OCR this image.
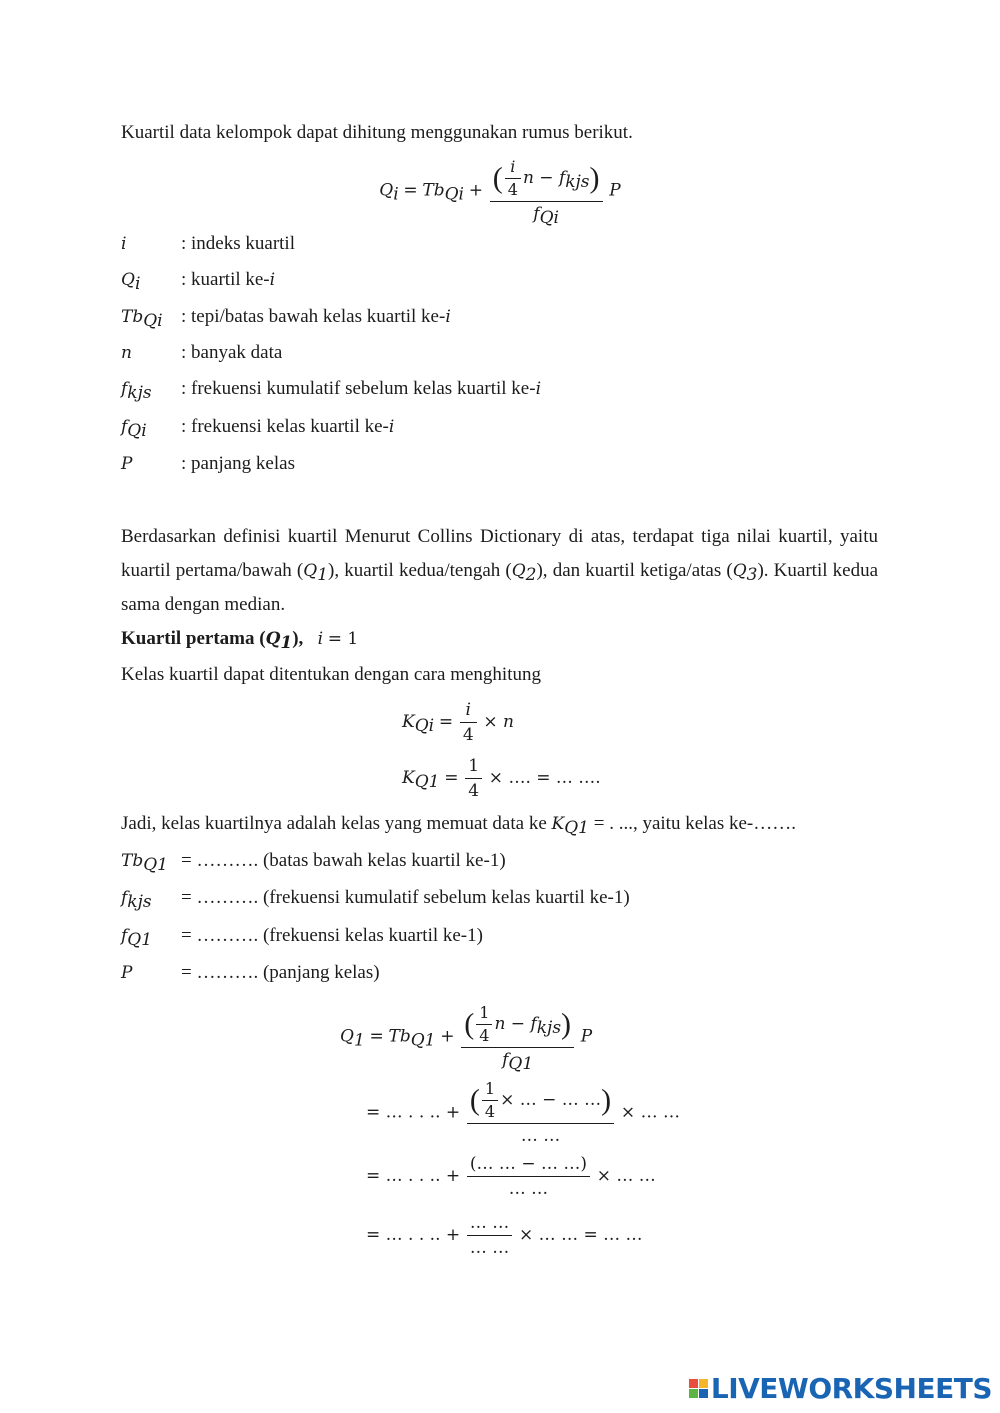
Kuartil data kelompok dapat dihitung menggunakan rumus berikut.
$Q_i = Tb_{Qi} + \frac{( \frac{i}{4} n - f_{kjs})}{f_{Qi}}$ P
i	: indeks kuartil
$Q_i$	: kuartil ke-i
$Tb_{Qi}$ : tepi/batas bawah kelas kuartil ke-i
n	: banyak data
$f_{kjs}$	: frekuensi kumulatif sebelum kelas kuartil ke-i
$f_{Qi}$	: frekuensi kelas kuartil ke-i
P	: panjang kelas
Berdasarkan definisi kuartil Menurut Collins Dictionary di atas, terdapat tiga nilai kuartil, yaitu kuartil pertama/bawah $(Q_1)$, kuartil kedua/tengah $(Q_2)$, dan kuartil ketiga/atas $(Q_3)$. Kuartil kedua sama dengan median.
Kuartil pertama $(Q_1)$, i = 1
Kelas kuartil dapat ditentukan dengan cara menghitung
$K_{Qi} = \frac{i}{4} \times n$
$K_{Q1} = \frac{1}{4}$ × …. = … ….
Jadi, kelas kuartilnya adalah kelas yang memuat data ke $K_{Q1}$ = . ..., yaitu kelas ke-…….
$Tb_{Q1}$ = ………. (batas bawah kelas kuartil ke-1)
$f_{kjs}$	= ………. (frekuensi kumulatif sebelum kelas kuartil ke-1)
$f_{Q1}$	= ………. (frekuensi kelas kuartil ke-1)
P	= ………. (panjang kelas)
$Q_1 = Tb_{Q1} + \frac{( \frac{1}{4} n - f_{kjs})}{f_{Q1}}$ P
= … . . .. + $\frac{( \frac{1}{4} \times \dots - \dots \dots)}{\dots \dots}$ × … …
= … . . .. + $\frac{(\dots \dots - \dots \dots)}{\dots \dots}$ × … …
= … . . .. + $\frac{\dots \dots}{\dots \dots}$ × … … = … …
LIVEWORKSHEETS
